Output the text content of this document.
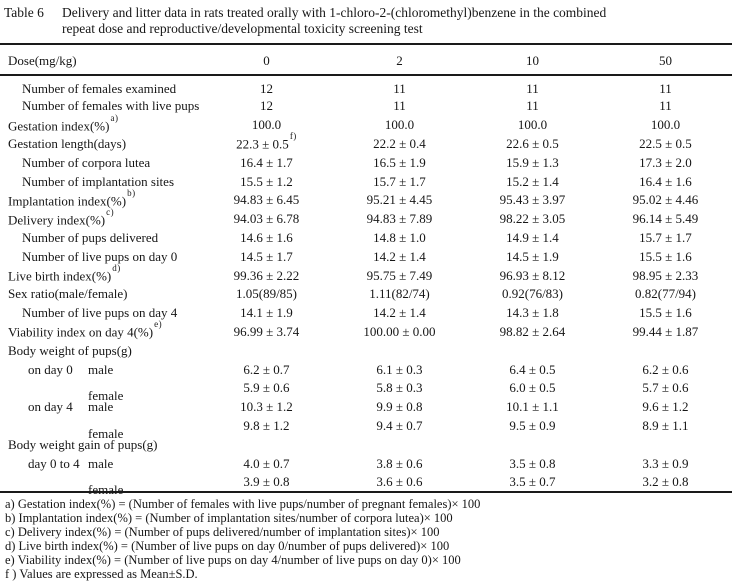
Table 6	Delivery and litter data in rats treated orally with 1-chloro-2-(chloromethyl)benzene in the combined
repeat dose and reproductive/developmental toxicity screening test
Dose(mg/kg)	0	2	10	50
Number of females examined	12	11	11	11
Number of females with live pups	12	11	11	11
Gestation index(%)$^{a)}$	100.0	100.0	100.0	100.0
Gestation length(days)	22.3 ± 0.5$^{f)}$	22.2 ± 0.4	22.6 ± 0.5	22.5 ± 0.5
Number of corpora lutea	16.4 ± 1.7	16.5 ± 1.9	15.9 ± 1.3	17.3 ± 2.0
Number of implantation sites	15.5 ± 1.2	15.7 ± 1.7	15.2 ± 1.4	16.4 ± 1.6
Implantation index(%)$^{b)}$	94.83 ± 6.45	95.21 ± 4.45	95.43 ± 3.97	95.02 ± 4.46
Delivery index(%)$^{c)}$	94.03 ± 6.78	94.83 ± 7.89	98.22 ± 3.05	96.14 ± 5.49
Number of pups delivered	14.6 ± 1.6	14.8 ± 1.0	14.9 ± 1.4	15.7 ± 1.7
Number of live pups on day 0	14.5 ± 1.7	14.2 ± 1.4	14.5 ± 1.9	15.5 ± 1.6
Live birth index(%)$^{d)}$	99.36 ± 2.22	95.75 ± 7.49	96.93 ± 8.12	98.95 ± 2.33
Sex ratio(male/female)	1.05(89/85)	1.11(82/74)	0.92(76/83)	0.82(77/94)
Number of live pups on day 4	14.1 ± 1.9	14.2 ± 1.4	14.3 ± 1.8	15.5 ± 1.6
Viability index on day 4(%)$^{e)}$	96.99 ± 3.74	100.00 ± 0.00	98.82 ± 2.64	99.44 ± 1.87
Body weight of pups(g)				
on day 0 male	6.2 ± 0.7	6.1 ± 0.3	6.4 ± 0.5	6.2 ± 0.6

female	5.9 ± 0.6	5.8 ± 0.3	6.0 ± 0.5	5.7 ± 0.6
on day 4 male	10.3 ± 1.2	9.9 ± 0.8	10.1 ± 1.1	9.6 ± 1.2

female	9.8 ± 1.2	9.4 ± 0.7	9.5 ± 0.9	8.9 ± 1.1
Body weight gain of pups(g)				
day 0 to 4 male	4.0 ± 0.7	3.8 ± 0.6	3.5 ± 0.8	3.3 ± 0.9

female	3.9 ± 0.8	3.6 ± 0.6	3.5 ± 0.7	3.2 ± 0.8
a) Gestation index(%) = (Number of females with live pups/number of pregnant females)× 100
b) Implantation index(%) = (Number of implantation sites/number of corpora lutea)× 100
c) Delivery index(%) = (Number of pups delivered/number of implantation sites)× 100
d) Live birth index(%) = (Number of live pups on day 0/number of pups delivered)× 100
e) Viability index(%) = (Number of live pups on day 4/number of live pups on day 0)× 100
f ) Values are expressed as Mean±S.D.
